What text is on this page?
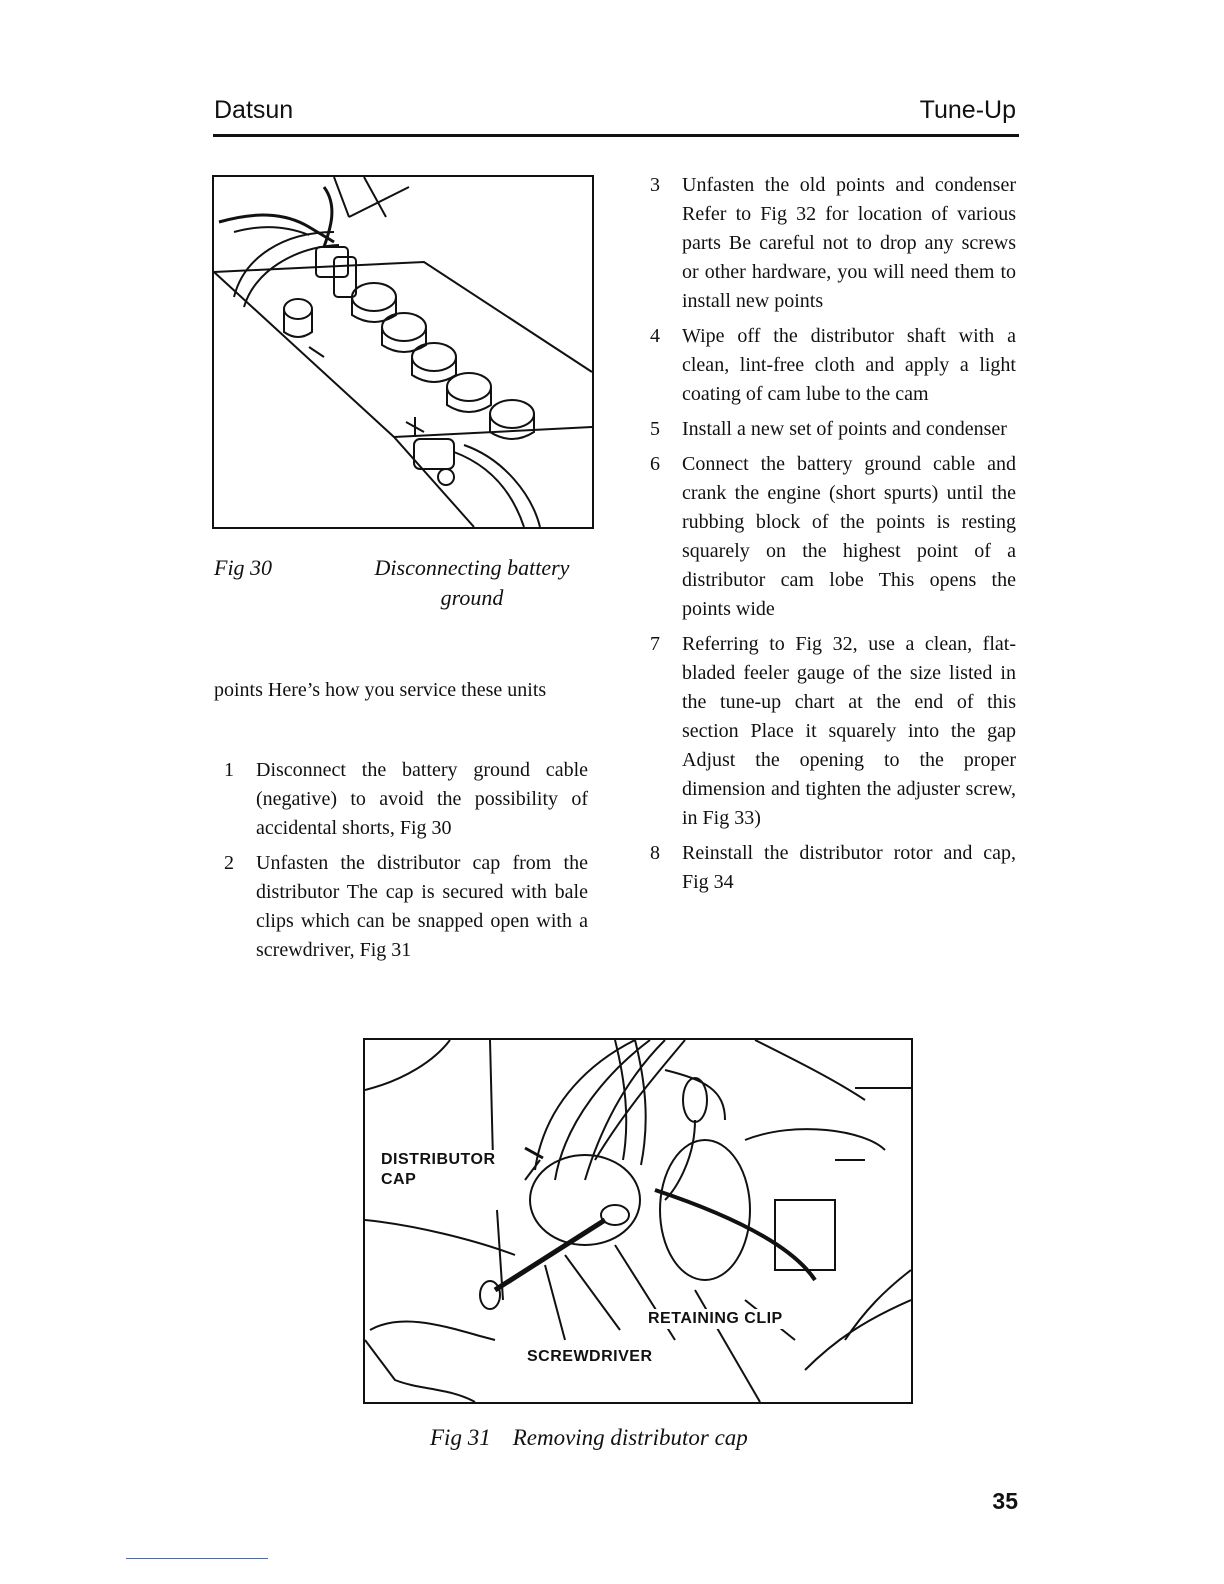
Datsun	Tune-Up
Fig 30	Disconnecting battery ground
points Here’s how you service these units
1 Disconnect the battery ground cable (negative) to avoid the possibility of accidental shorts, Fig 30
2 Unfasten the distributor cap from the distributor The cap is secured with bale clips which can be snapped open with a screwdriver, Fig 31
3 Unfasten the old points and condenser Refer to Fig 32 for location of various parts Be careful not to drop any screws or other hardware, you will need them to install new points
4 Wipe off the distributor shaft with a clean, lint-free cloth and apply a light coating of cam lube to the cam
5 Install a new set of points and condenser
6 Connect the battery ground cable and crank the engine (short spurts) until the rubbing block of the points is resting squarely on the highest point of a distributor cam lobe This opens the points wide
7 Referring to Fig 32, use a clean, flat-bladed feeler gauge of the size listed in the tune-up chart at the end of this section Place it squarely into the gap Adjust the opening to the proper dimension and tighten the adjuster screw, in Fig 33)
8 Reinstall the distributor rotor and cap, Fig 34
DISTRIBUTOR
CAP
RETAINING CLIP
SCREWDRIVER
Fig 31 Removing distributor cap
35
